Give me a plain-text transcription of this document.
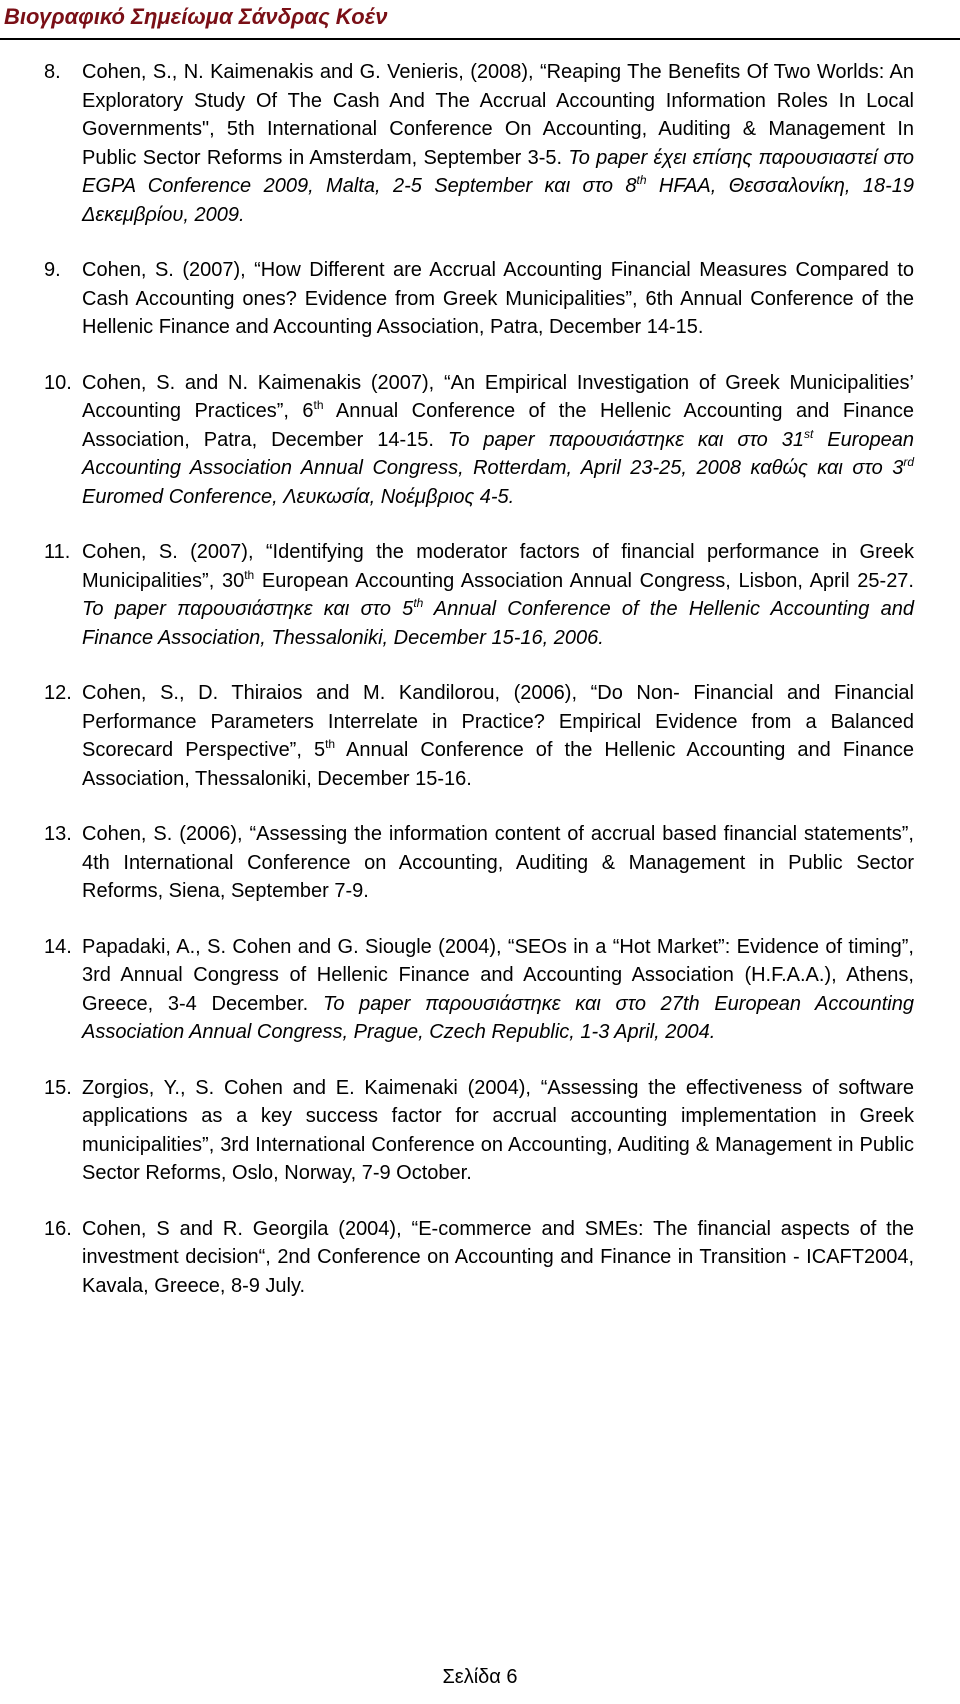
Βιογραφικό Σημείωμα Σάνδρας Κοέν
8.	Cohen, S., N. Kaimenakis and G. Venieris, (2008), “Reaping The Benefits Of Two Worlds: An Exploratory Study Of The Cash And The Accrual Accounting Information Roles In Local Governments", 5th International Conference On Accounting, Auditing & Management In Public Sector Reforms in Amsterdam, September 3-5. Το paper έχει επίσης παρουσιαστεί στο EGPA Conference 2009, Malta, 2-5 September και στο 8th HFAA, Θεσσαλονίκη, 18-19 Δεκεμβρίου, 2009.
9.	Cohen, S. (2007), “How Different are Accrual Accounting Financial Measures Compared to Cash Accounting ones? Evidence from Greek Municipalities”, 6th Annual Conference of the Hellenic Finance and Accounting Association, Patra, December 14-15.
10. Cohen, S. and N. Kaimenakis (2007), “An Empirical Investigation of Greek Municipalities’ Accounting Practices”, 6th Annual Conference of the Hellenic Accounting and Finance Association, Patra, December 14-15. Το paper παρουσιάστηκε και στο 31st European Accounting Association Annual Congress, Rotterdam, April 23-25, 2008 καθώς και στο 3rd Euromed Conference, Λευκωσία, Νοέμβριος 4-5.
11. Cohen, S. (2007), “Identifying the moderator factors of financial performance in Greek Municipalities”, 30th European Accounting Association Annual Congress, Lisbon, April 25-27. Το paper παρουσιάστηκε και στο 5th Annual Conference of the Hellenic Accounting and Finance Association, Thessaloniki, December 15-16, 2006.
12. Cohen, S., D. Thiraios and M. Kandilorou, (2006), “Do Non- Financial and Financial Performance Parameters Interrelate in Practice? Empirical Evidence from a Balanced Scorecard Perspective”, 5th Annual Conference of the Hellenic Accounting and Finance Association, Thessaloniki, December 15-16.
13. Cohen, S. (2006), “Assessing the information content of accrual based financial statements”, 4th International Conference on Accounting, Auditing & Management in Public Sector Reforms, Siena, September 7-9.
14. Papadaki, A., S. Cohen and G. Siougle (2004), “SEOs in a “Hot Market”: Evidence of timing”, 3rd Annual Congress of Hellenic Finance and Accounting Association (H.F.A.A.), Athens, Greece, 3-4 December. Το paper παρουσιάστηκε και στο 27th European Accounting Association Annual Congress, Prague, Czech Republic, 1-3 April, 2004.
15. Zorgios, Y., S. Cohen and E. Kaimenaki (2004), “Assessing the effectiveness of software applications as a key success factor for accrual accounting implementation in Greek municipalities”, 3rd International Conference on Accounting, Auditing & Management in Public Sector Reforms, Oslo, Norway, 7-9 October.
16. Cohen, S and R. Georgila (2004), “E-commerce and SMEs: The financial aspects of the investment decision“, 2nd Conference on Accounting and Finance in Transition - ICAFT2004, Kavala, Greece, 8-9 July.
Σελίδα 6
